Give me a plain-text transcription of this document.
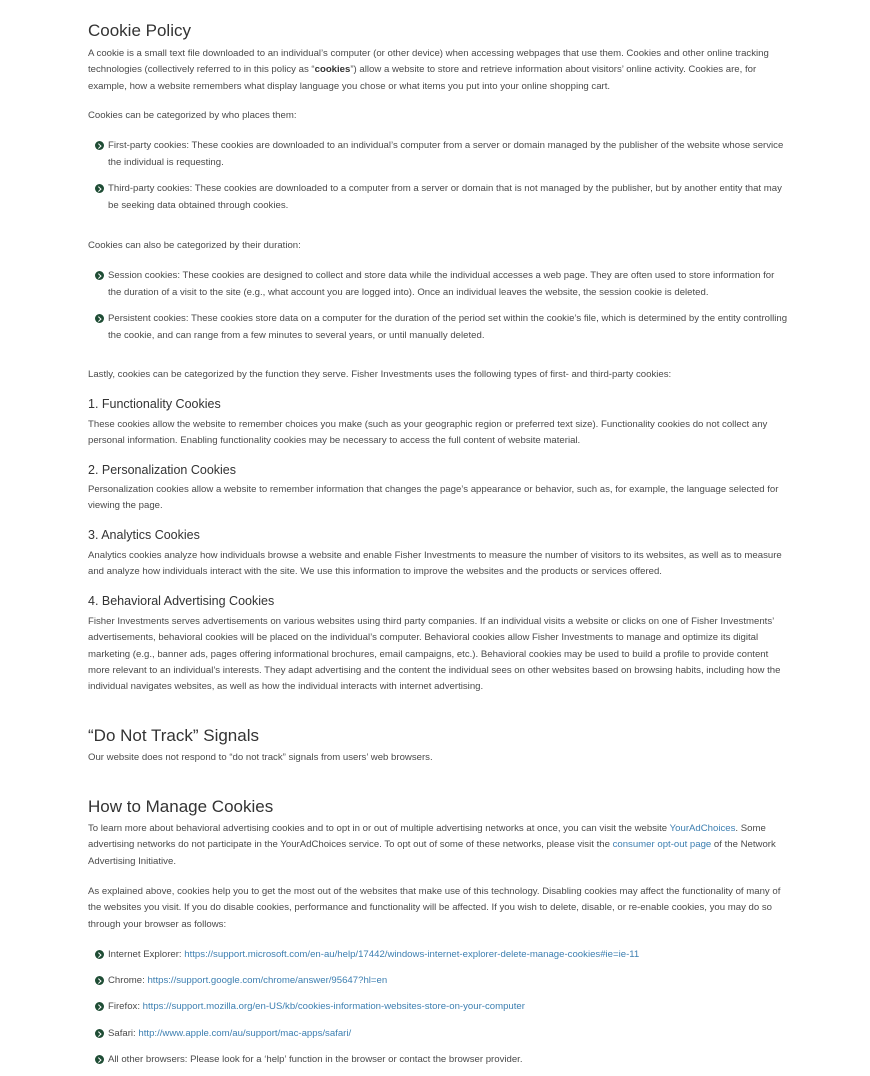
Cookie Policy

A cookie is a small text file downloaded to an individual’s computer (or other device) when accessing webpages that use them. Cookies and other online tracking technologies (collectively referred to in this policy as “cookies”) allow a website to store and retrieve information about visitors’ online activity. Cookies are, for example, how a website remembers what display language you chose or what items you put into your online shopping cart.

Cookies can be categorized by who places them:

First-party cookies: These cookies are downloaded to an individual’s computer from a server or domain managed by the publisher of the website whose service the individual is requesting.
Third-party cookies: These cookies are downloaded to a computer from a server or domain that is not managed by the publisher, but by another entity that may be seeking data obtained through cookies.

Cookies can also be categorized by their duration:

Session cookies: These cookies are designed to collect and store data while the individual accesses a web page. They are often used to store information for the duration of a visit to the site (e.g., what account you are logged into). Once an individual leaves the website, the session cookie is deleted.
Persistent cookies: These cookies store data on a computer for the duration of the period set within the cookie’s file, which is determined by the entity controlling the cookie, and can range from a few minutes to several years, or until manually deleted.

Lastly, cookies can be categorized by the function they serve. Fisher Investments uses the following types of first- and third-party cookies:

1. Functionality Cookies

These cookies allow the website to remember choices you make (such as your geographic region or preferred text size). Functionality cookies do not collect any personal information. Enabling functionality cookies may be necessary to access the full content of website material.

2. Personalization Cookies

Personalization cookies allow a website to remember information that changes the page’s appearance or behavior, such as, for example, the language selected for viewing the page.

3. Analytics Cookies

Analytics cookies analyze how individuals browse a website and enable Fisher Investments to measure the number of visitors to its websites, as well as to measure and analyze how individuals interact with the site. We use this information to improve the websites and the products or services offered.

4. Behavioral Advertising Cookies

Fisher Investments serves advertisements on various websites using third party companies. If an individual visits a website or clicks on one of Fisher Investments’ advertisements, behavioral cookies will be placed on the individual’s computer. Behavioral cookies allow Fisher Investments to manage and optimize its digital marketing (e.g., banner ads, pages offering informational brochures, email campaigns, etc.). Behavioral cookies may be used to build a profile to provide content more relevant to an individual’s interests. They adapt advertising and the content the individual sees on other websites based on browsing habits, including how the individual navigates websites, as well as how the individual interacts with internet advertising.

“Do Not Track” Signals

Our website does not respond to “do not track” signals from users’ web browsers.

How to Manage Cookies

To learn more about behavioral advertising cookies and to opt in or out of multiple advertising networks at once, you can visit the website YourAdChoices. Some advertising networks do not participate in the YourAdChoices service. To opt out of some of these networks, please visit the consumer opt-out page of the Network Advertising Initiative.

As explained above, cookies help you to get the most out of the websites that make use of this technology. Disabling cookies may affect the functionality of many of the websites you visit. If you do disable cookies, performance and functionality will be affected. If you wish to delete, disable, or re-enable cookies, you may do so through your browser as follows:

Internet Explorer: https://support.microsoft.com/en-au/help/17442/windows-internet-explorer-delete-manage-cookies#ie=ie-11
Chrome: https://support.google.com/chrome/answer/95647?hl=en
Firefox: https://support.mozilla.org/en-US/kb/cookies-information-websites-store-on-your-computer
Safari: http://www.apple.com/au/support/mac-apps/safari/
All other browsers: Please look for a ‘help’ function in the browser or contact the browser provider.
